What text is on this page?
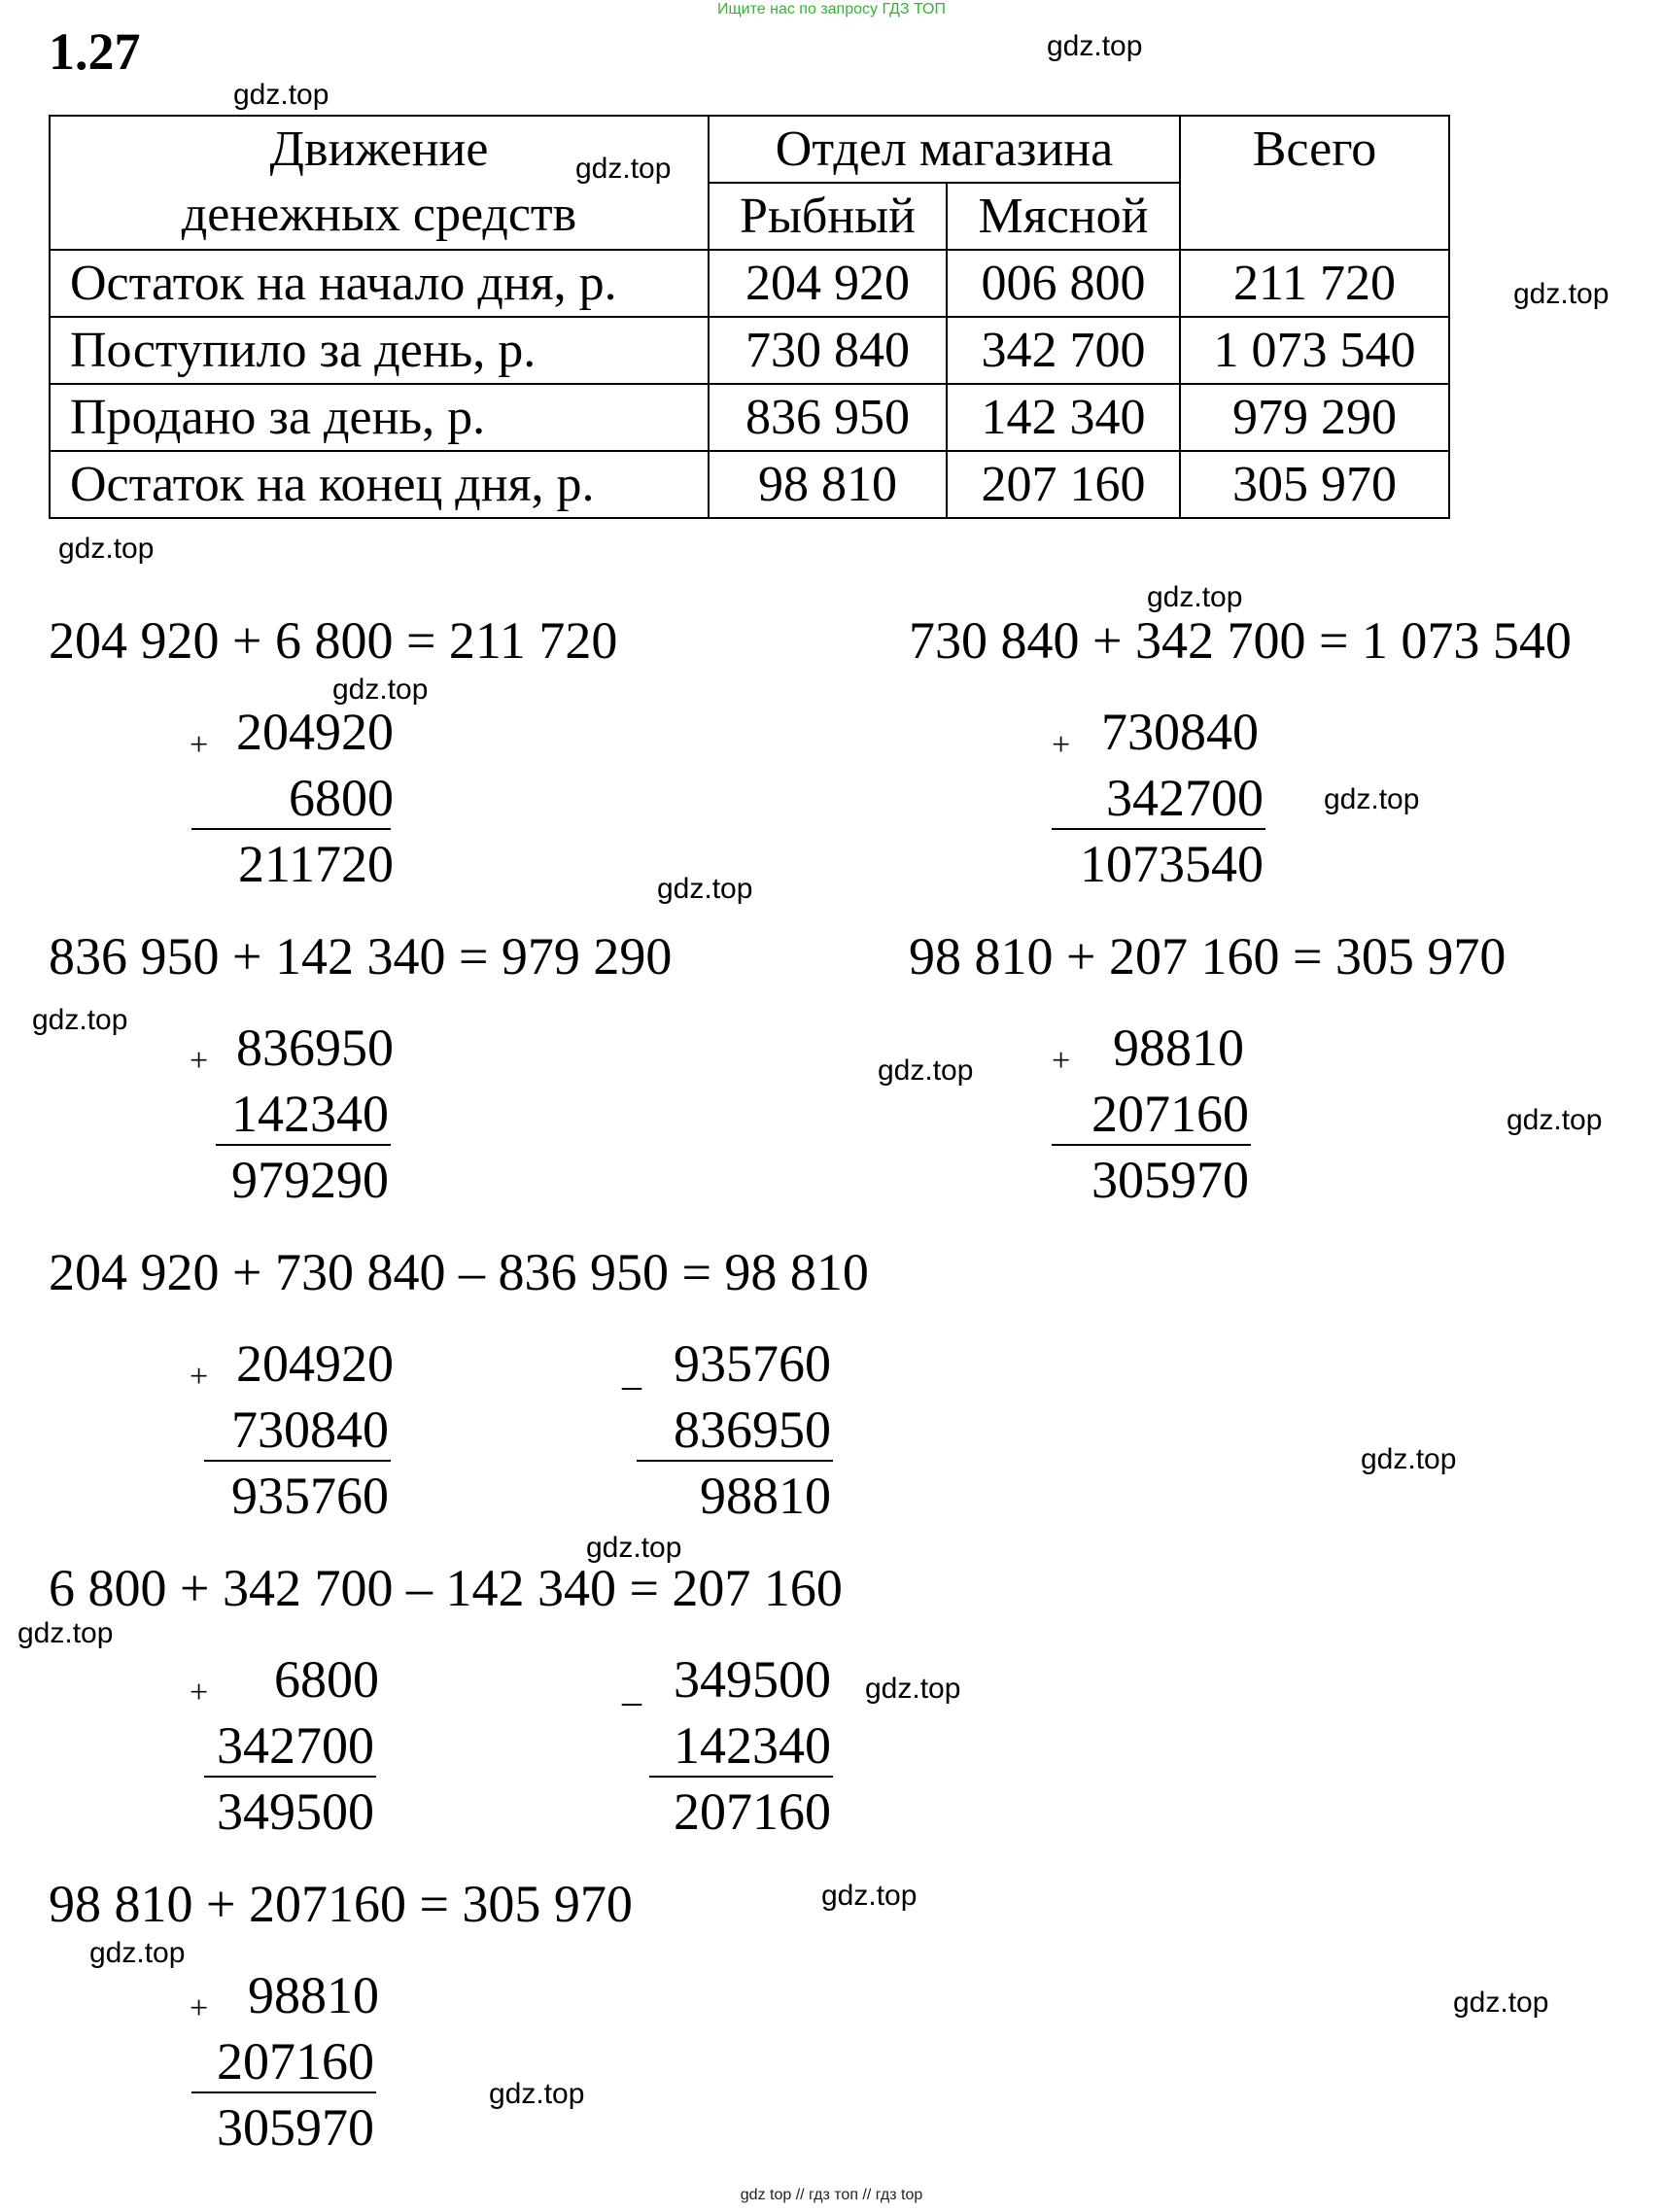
Ищите нас по запросу ГДЗ ТОП
1.27
Движение
денежных средств	Отдел магазина		Всего
	Рыбный	Мясной	
Остаток на начало дня, р.	204 920	006 800	211 720
Поступило за день, р.	730 840	342 700	1 073 540
Продано за день, р.	836 950	142 340	979 290
Остаток на конец дня, р.	98 810	207 160	305 970
204 920 + 6 800 = 211 720	730 840 + 342 700 = 1 073 540
836 950 + 142 340 = 979 290	98 810 + 207 160 = 305 970
204 920 + 730 840 – 836 950 = 98 810
6 800 + 342 700 – 142 340 = 207 160
98 810 + 207160 = 305 970
+ 204920
6800
211720
+ 730840
342700
1073540
+ 836950
142340
979290
+ 98810
207160
305970
+ 204920
730840
935760
_ 935760
836950
98810
+	6800
342700
349500
_ 349500
142340
207160
+ 98810
207160
305970
gdz.top
gdz.top
gdz.top
gdz.top
gdz.top
gdz.top
gdz.top
gdz.top
gdz.top
gdz.top
gdz.top
gdz.top
gdz.top
gdz.top
gdz.top
gdz.top
gdz.top
gdz.top
gdz.top
gdz.top
gdz top // гдз топ // гдз top
